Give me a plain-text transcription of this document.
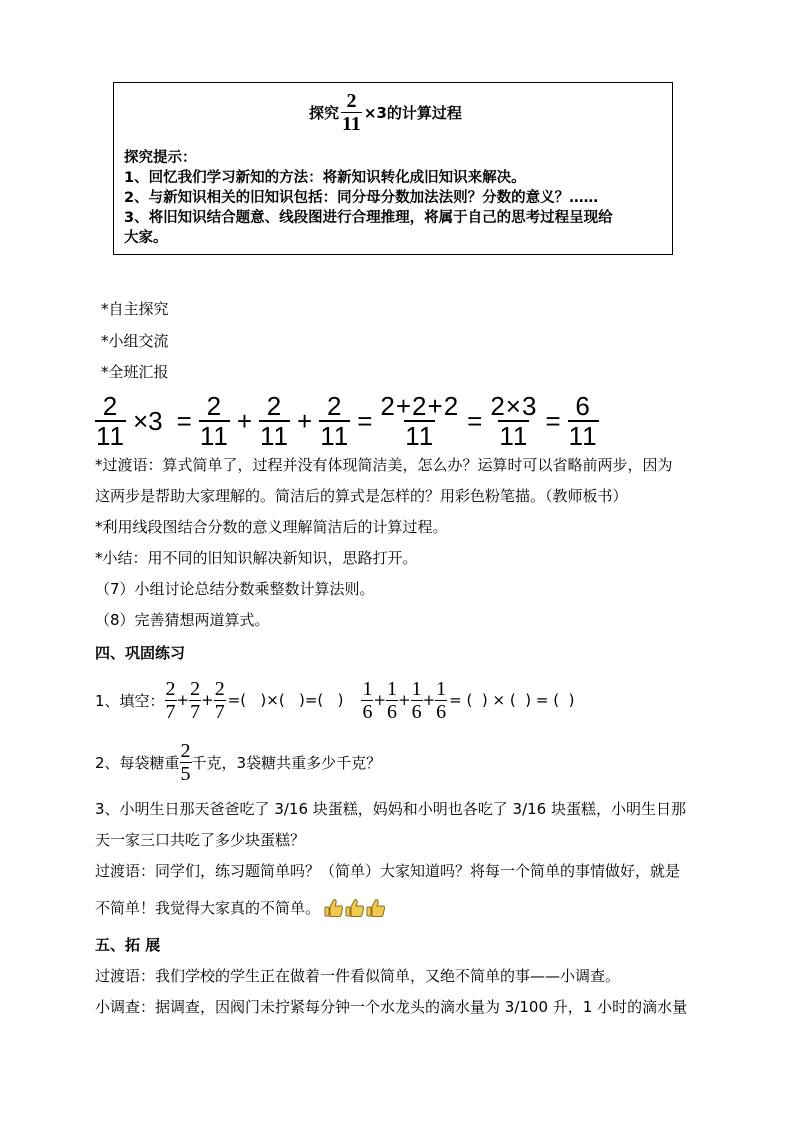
探究 $\frac{2}{11} \times 3$的计算过程
探究提示：
1、回忆我们学习新知的方法：将新知识转化成旧知识来解决。
2、与新知识相关的旧知识包括：同分母分数加法法则？分数的意义？……
3、将旧知识结合题意、线段图进行合理推理，将属于自己的思考过程呈现给
大家。
*自主探究
*小组交流
*全班汇报
$\frac{2}{11} \times 3 = \frac{2}{11} + \frac{2}{11} + \frac{2}{11} = \frac{2+2+2}{11} = \frac{2\times 3}{11} = \frac{6}{11}$
*过渡语：算式简单了，过程并没有体现简洁美，怎么办？运算时可以省略前两步，因为
这两步是帮助大家理解的。简洁后的算式是怎样的？用彩色粉笔描。（教师板书）
*利用线段图结合分数的意义理解简洁后的计算过程。
*小结：用不同的旧知识解决新知识，思路打开。
（7）小组讨论总结分数乘整数计算法则。
（8）完善猜想两道算式。
四、巩固练习
1、填空： $\frac{2}{7} + \frac{2}{7} + \frac{2}{7}$ =(   )×(   )=(   ) $\frac{1}{6} + \frac{1}{6} + \frac{1}{6} + \frac{1}{6}$ = (  ) × (  ) = (  )
2、每袋糖重 $\frac{2}{5}$ 千克，3袋糖共重多少千克？
3、小明生日那天爸爸吃了 3/16 块蛋糕，妈妈和小明也各吃了 3/16 块蛋糕，小明生日那
天一家三口共吃了多少块蛋糕？
过渡语：同学们，练习题简单吗？（简单）大家知道吗？将每一个简单的事情做好，就是
不简单！我觉得大家真的不简单。
五、拓 展
过渡语：我们学校的学生正在做着一件看似简单，又绝不简单的事——小调查。
小调查：据调查，因阀门未拧紧每分钟一个水龙头的滴水量为 3/100 升，1 小时的滴水量
